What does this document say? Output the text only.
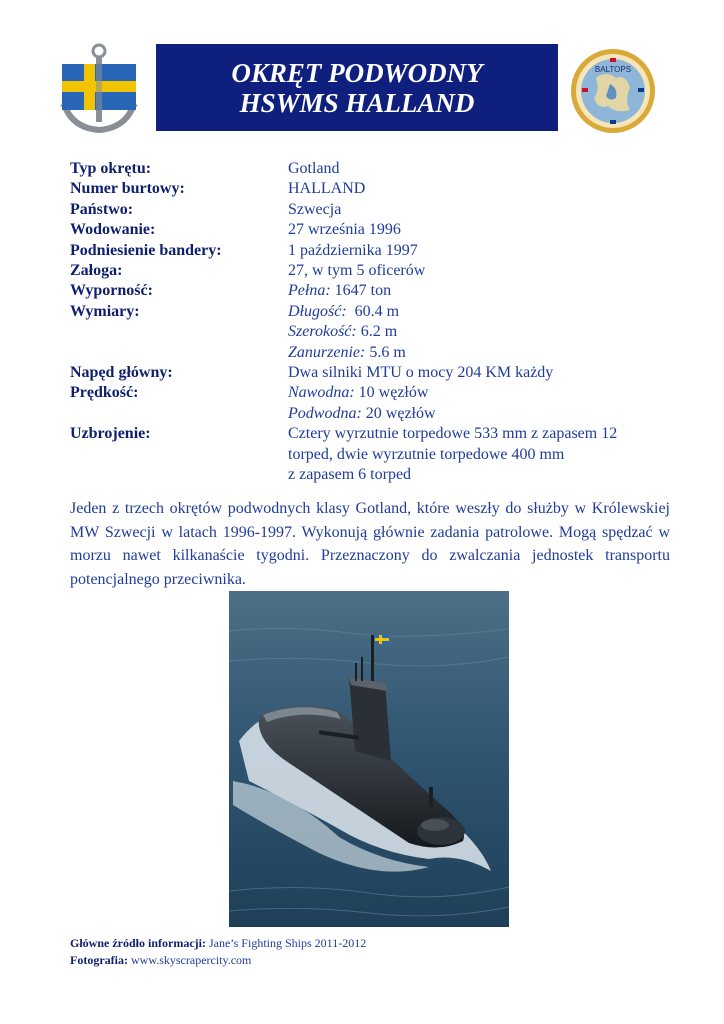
OKRĘT PODWODNY
HSWMS HALLAND
BALTOPS
Typ okrętu:	Gotland
Numer burtowy:	HALLAND
Państwo:	Szwecja
Wodowanie:	27 września 1996
Podniesienie bandery:	1 października 1997
Załoga:	27, w tym 5 oficerów
Wyporność:	Pełna: 1647 ton
Wymiary:	Długość:  60.4 m
Szerokość: 6.2 m
Zanurzenie: 5.6 m
Napęd główny:	Dwa silniki MTU o mocy 204 KM każdy
Prędkość:	Nawodna: 10 węzłów
Podwodna: 20 węzłów
Uzbrojenie:	Cztery wyrzutnie torpedowe 533 mm z zapasem 12
torped, dwie wyrzutnie torpedowe 400 mm
z zapasem 6 torped

Jeden z trzech okrętów podwodnych klasy Gotland, które weszły do służby w Królewskiej MW Szwecji w latach 1996-1997. Wykonują głównie zadania patrolowe. Mogą spędzać w morzu nawet kilkanaście tygodni. Przeznaczony do zwalczania jednostek transportu potencjalnego przeciwnika.

Główne źródło informacji: Jane’s Fighting Ships 2011-2012
Fotografia: www.skyscrapercity.com
